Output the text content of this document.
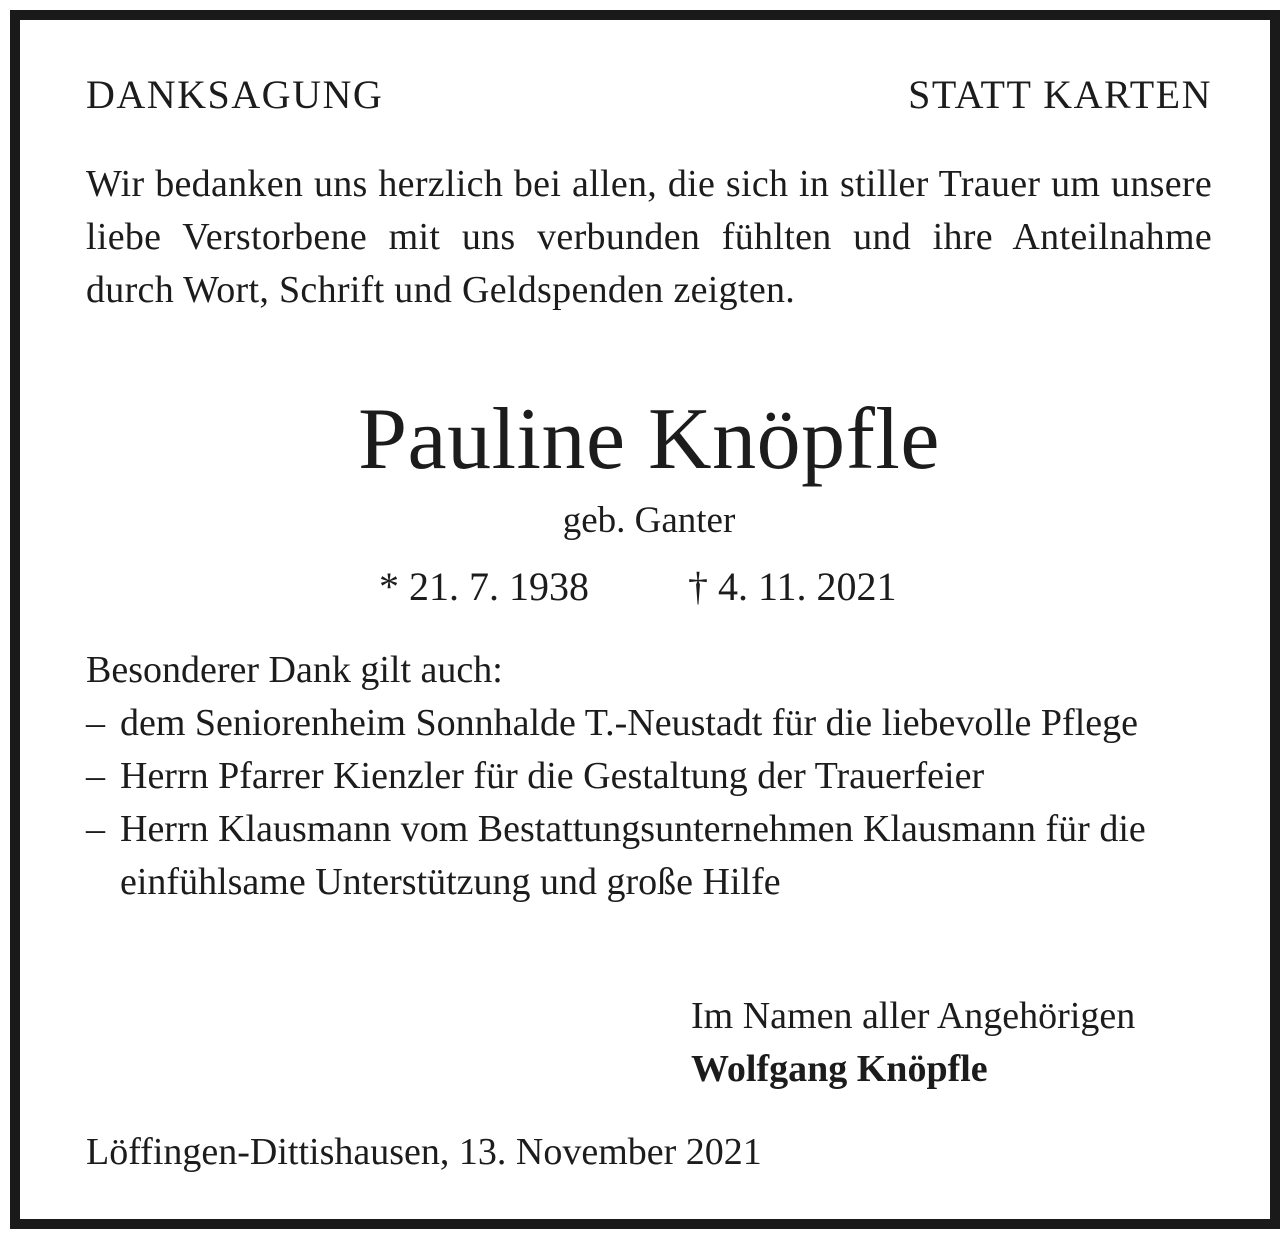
DANKSAGUNG	STATT KARTEN

Wir bedanken uns herzlich bei allen, die sich in stiller Trauer um unsere liebe Verstorbene mit uns verbunden fühlten und ihre Anteilnahme durch Wort, Schrift und Geldspenden zeigten.

Pauline Knöpfle
geb. Ganter
* 21. 7. 1938 † 4. 11. 2021
Besonderer Dank gilt auch:
– dem Seniorenheim Sonnhalde T.-Neustadt für die liebevolle Pflege
– Herrn Pfarrer Kienzler für die Gestaltung der Trauerfeier
– Herrn Klausmann vom Bestattungsunternehmen Klausmann für die einfühlsame Unterstützung und große Hilfe
Im Namen aller Angehörigen
Wolfgang Knöpfle
Löffingen-Dittishausen, 13. November 2021
